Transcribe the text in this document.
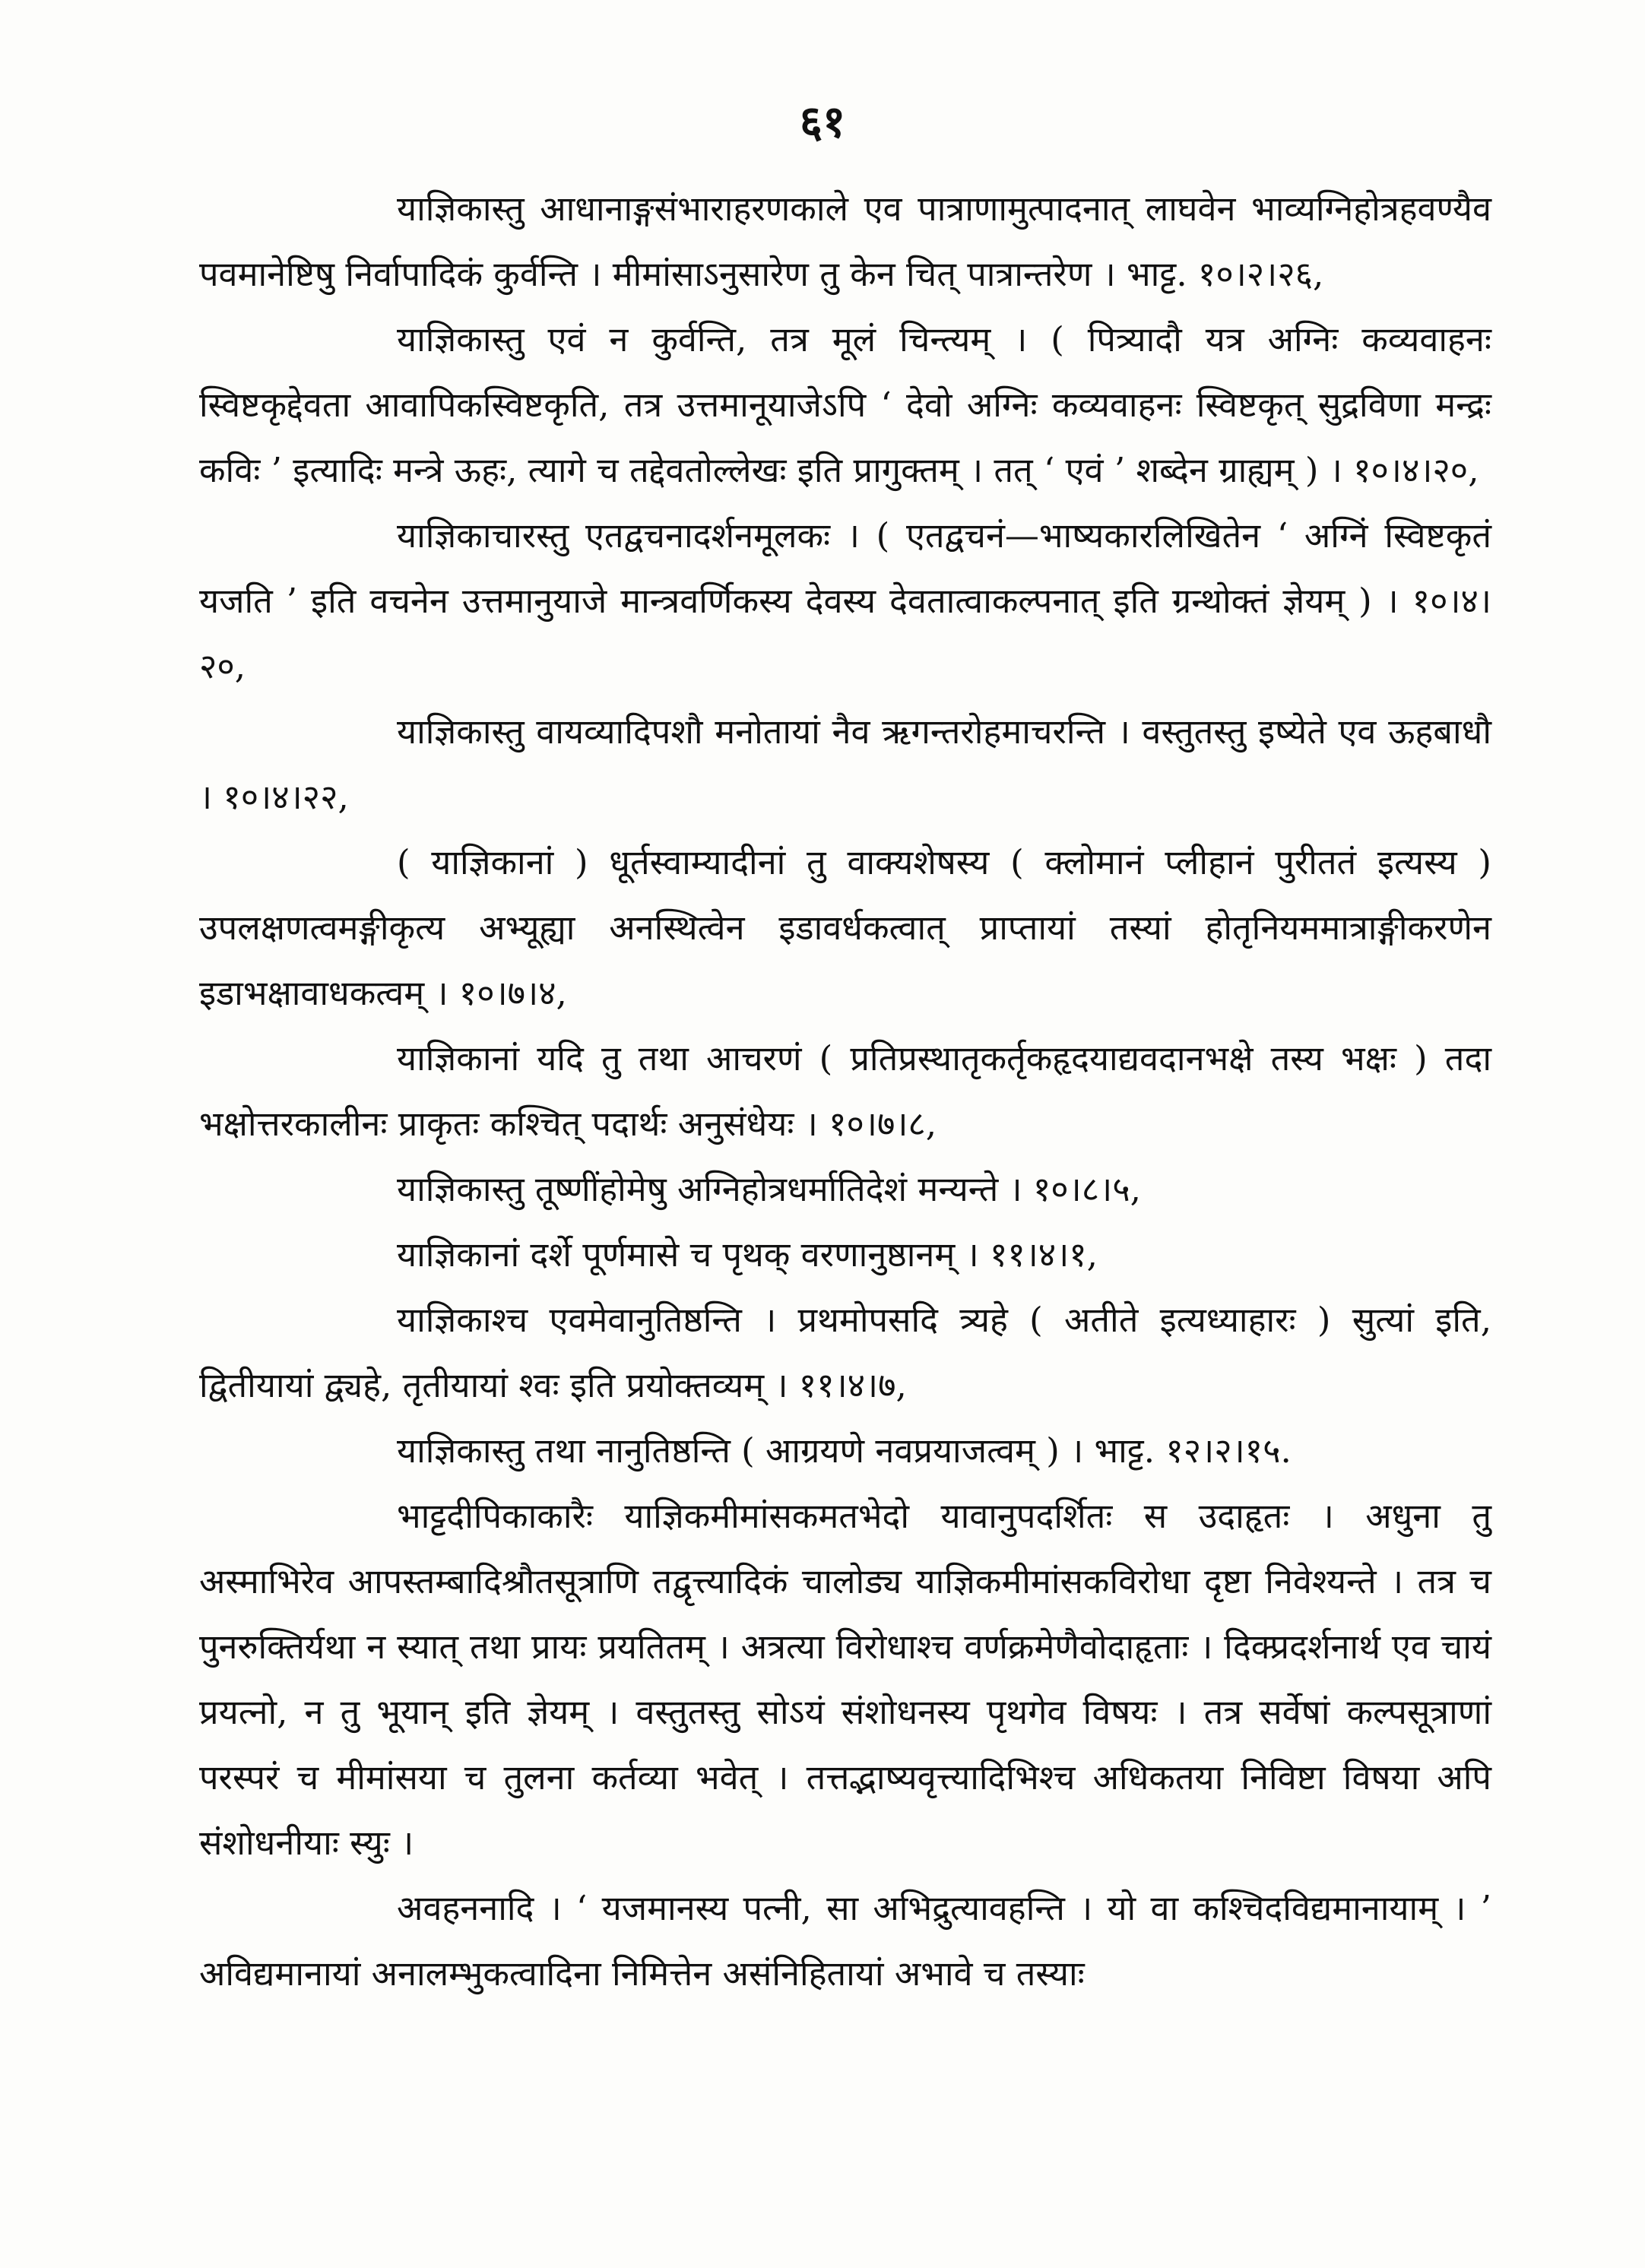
६१

याज्ञिकास्तु आधानाङ्गसंभाराहरणकाले एव पात्राणामुत्पादनात् लाघवेन भाव्यग्निहोत्रहवण्यैव पवमानेष्टिषु निर्वापादिकं कुर्वन्ति । मीमांसाऽनुसारेण तु केन चित् पात्रान्तरेण । भाट्ट. १०।२।२६,

याज्ञिकास्तु एवं न कुर्वन्ति, तत्र मूलं चिन्त्यम् । ( पित्र्यादौ यत्र अग्निः कव्यवाहनः स्विष्टकृद्देवता आवापिकस्विष्टकृति, तत्र उत्तमानूयाजेऽपि ‘ देवो अग्निः कव्यवाहनः स्विष्टकृत् सुद्रविणा मन्द्रः कविः ’ इत्यादिः मन्त्रे ऊहः, त्यागे च तद्देवतोल्लेखः इति प्रागुक्तम् । तत् ‘ एवं ’ शब्देन ग्राह्यम् ) । १०।४।२०,

याज्ञिकाचारस्तु एतद्वचनादर्शनमूलकः । ( एतद्वचनं—भाष्यकारलिखितेन ‘ अग्निं स्विष्टकृतं यजति ’ इति वचनेन उत्तमानुयाजे मान्त्रवर्णिकस्य देवस्य देवतात्वाकल्पनात् इति ग्रन्थोक्तं ज्ञेयम् ) । १०।४।२०,

याज्ञिकास्तु वायव्यादिपशौ मनोतायां नैव ऋगन्तरोहमाचरन्ति । वस्तुतस्तु इष्येते एव ऊहबाधौ । १०।४।२२,

( याज्ञिकानां ) धूर्तस्वाम्यादीनां तु वाक्यशेषस्य ( क्लोमानं प्लीहानं पुरीततं इत्यस्य ) उपलक्षणत्वमङ्गीकृत्य अभ्यूह्या अनस्थित्वेन इडावर्धकत्वात् प्राप्तायां तस्यां होतृनियममात्राङ्गीकरणेन इडाभक्षावाधकत्वम् । १०।७।४,

याज्ञिकानां यदि तु तथा आचरणं ( प्रतिप्रस्थातृकर्तृकहृदयाद्यवदानभक्षे तस्य भक्षः ) तदा भक्षोत्तरकालीनः प्राकृतः कश्चित् पदार्थः अनुसंधेयः । १०।७।८,

याज्ञिकास्तु तूष्णींहोमेषु अग्निहोत्रधर्मातिदेशं मन्यन्ते । १०।८।५,

याज्ञिकानां दर्शे पूर्णमासे च पृथक् वरणानुष्ठानम् । ११।४।१,

याज्ञिकाश्च एवमेवानुतिष्ठन्ति । प्रथमोपसदि त्र्यहे ( अतीते इत्यध्याहारः ) सुत्यां इति, द्वितीयायां द्व्यहे, तृतीयायां श्वः इति प्रयोक्तव्यम् । ११।४।७,

याज्ञिकास्तु तथा नानुतिष्ठन्ति ( आग्रयणे नवप्रयाजत्वम् ) । भाट्ट. १२।२।१५.

भाट्टदीपिकाकारैः याज्ञिकमीमांसकमतभेदो यावानुपदर्शितः स उदाहृतः । अधुना तु अस्माभिरेव आपस्तम्बादिश्रौतसूत्राणि तद्वृत्त्यादिकं चालोड्य याज्ञिकमीमांसकविरोधा दृष्टा निवेश्यन्ते । तत्र च पुनरुक्तिर्यथा न स्यात् तथा प्रायः प्रयतितम् । अत्रत्या विरोधाश्च वर्णक्रमेणैवोदाहृताः । दिक्प्रदर्शनार्थ एव चायं प्रयत्नो, न तु भूयान् इति ज्ञेयम् । वस्तुतस्तु सोऽयं संशोधनस्य पृथगेव विषयः । तत्र सर्वेषां कल्पसूत्राणां परस्परं च मीमांसया च तुलना कर्तव्या भवेत् । तत्तद्भाष्यवृत्त्यादिभिश्च अधिकतया निविष्टा विषया अपि संशोधनीयाः स्युः ।

अवहननादि । ‘ यजमानस्य पत्नी, सा अभिद्रुत्यावहन्ति । यो वा कश्चिदविद्यमानायाम् । ’ अविद्यमानायां अनालम्भुकत्वादिना निमित्तेन असंनिहितायां अभावे च तस्याः
